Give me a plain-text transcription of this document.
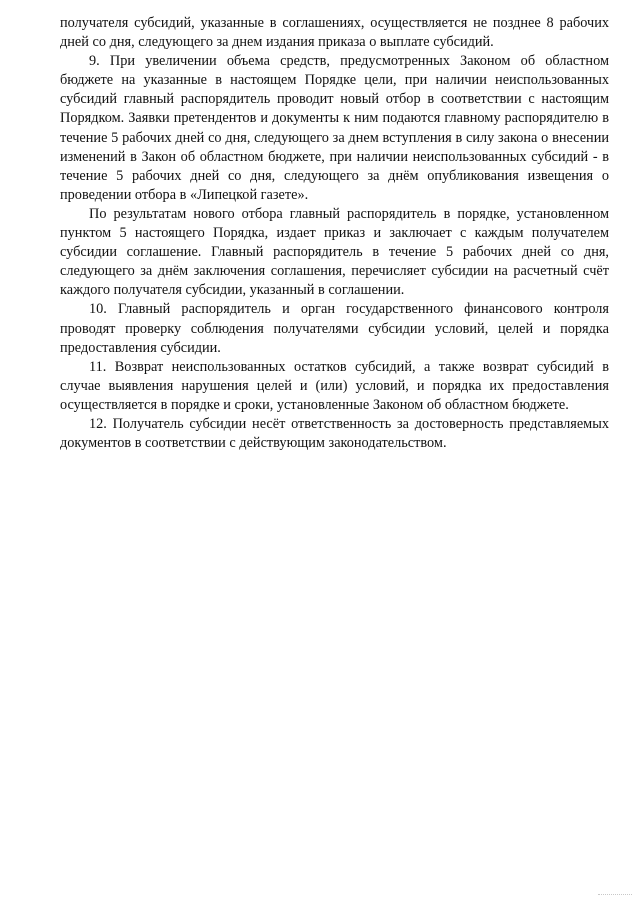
получателя субсидий, указанные в соглашениях, осуществляется не позднее 8 рабочих дней со дня, следующего за днем издания приказа о выплате субсидий.

9. При увеличении объема средств, предусмотренных Законом об областном бюджете на указанные в настоящем Порядке цели, при наличии неиспользованных субсидий главный распорядитель проводит новый отбор в соответствии с настоящим Порядком. Заявки претендентов и документы к ним подаются главному распорядителю в течение 5 рабочих дней со дня, следующего за днем вступления в силу закона о внесении изменений в Закон об областном бюджете, при наличии неиспользованных субсидий - в течение 5 рабочих дней со дня, следующего за днём опубликования извещения о проведении отбора в «Липецкой газете».

По результатам нового отбора главный распорядитель в порядке, установленном пунктом 5 настоящего Порядка, издает приказ и заключает с каждым получателем субсидии соглашение. Главный распорядитель в течение 5 рабочих дней со дня, следующего за днём заключения соглашения, перечисляет субсидии на расчетный счёт каждого получателя субсидии, указанный в соглашении.

10. Главный распорядитель и орган государственного финансового контроля проводят проверку соблюдения получателями субсидии условий, целей и порядка предоставления субсидии.

11. Возврат неиспользованных остатков субсидий, а также возврат субсидий в случае выявления нарушения целей и (или) условий, и порядка их предоставления осуществляется в порядке и сроки, установленные Законом об областном бюджете.

12. Получатель субсидии несёт ответственность за достоверность представляемых документов в соответствии с действующим законодательством.
